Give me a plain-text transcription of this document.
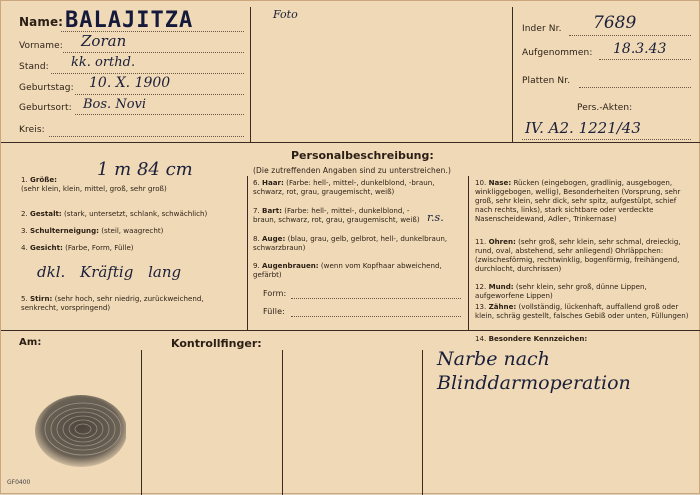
Name: BALAJITZA
Vorname: Zoran
Stand: kk. orthd.
Geburtstag: 10. X. 1900
Geburtsort: Bos. Novi
Kreis:
Foto
Inder Nr. 7689
Aufgenommen: 18.3.43
Platten Nr.
Pers.-Akten:
IV. A2. 1221/43
Personalbeschreibung:
(Die zutreffenden Angaben sind zu unterstreichen.)
1. Größe:
(sehr klein, klein, mittel, groß, sehr groß)
1 m 84 cm
2. Gestalt: (stark, untersetzt, schlank, schwächlich)
3. Schulterneigung: (steil, waagrecht)
4. Gesicht: (Farbe, Form, Fülle)
dkl. Kräftig lang
5. Stirn: (sehr hoch, sehr niedrig, zurückweichend, senkrecht, vorspringend)
6. Haar: (Farbe: hell-, mittel-, dunkelblond, -braun, schwarz, rot, grau, graugemischt, weiß)
7. Bart: (Farbe: hell-, mittel-, dunkelblond, -braun, schwarz, rot, grau, graugemischt, weiß) r.s.
8. Auge: (blau, grau, gelb, gelbrot, hell-, dunkelbraun, schwarzbraun)
9. Augenbrauen: (wenn vom Kopfhaar abweichend, gefärbt)
Form:
Fülle:
10. Nase: Rücken (eingebogen, gradlinig, ausgebogen, winkliggebogen, wellig), Besonderheiten (Vorsprung, sehr groß, sehr klein, sehr dick, sehr spitz, aufgestülpt, schief nach rechts, links), stark sichtbare oder verdeckte Nasenscheidewand, Adler-, Trinkernase)
11. Ohren: (sehr groß, sehr klein, sehr schmal, dreieckig, rund, oval, abstehend, sehr anliegend) Ohrläppchen: (zwischesförmig, rechtwinklig, bogenförmig, freihängend, durchlocht, durchrissen)
12. Mund: (sehr klein, sehr groß, dünne Lippen, aufgeworfene Lippen)
13. Zähne: (vollständig, lückenhaft, auffallend groß oder klein, schräg gestellt, falsches Gebiß oder unten, Füllungen)
14. Besondere Kennzeichen:
Am:	Kontrollfinger:
Narbe nach Blinddarmoperation
GF0400
